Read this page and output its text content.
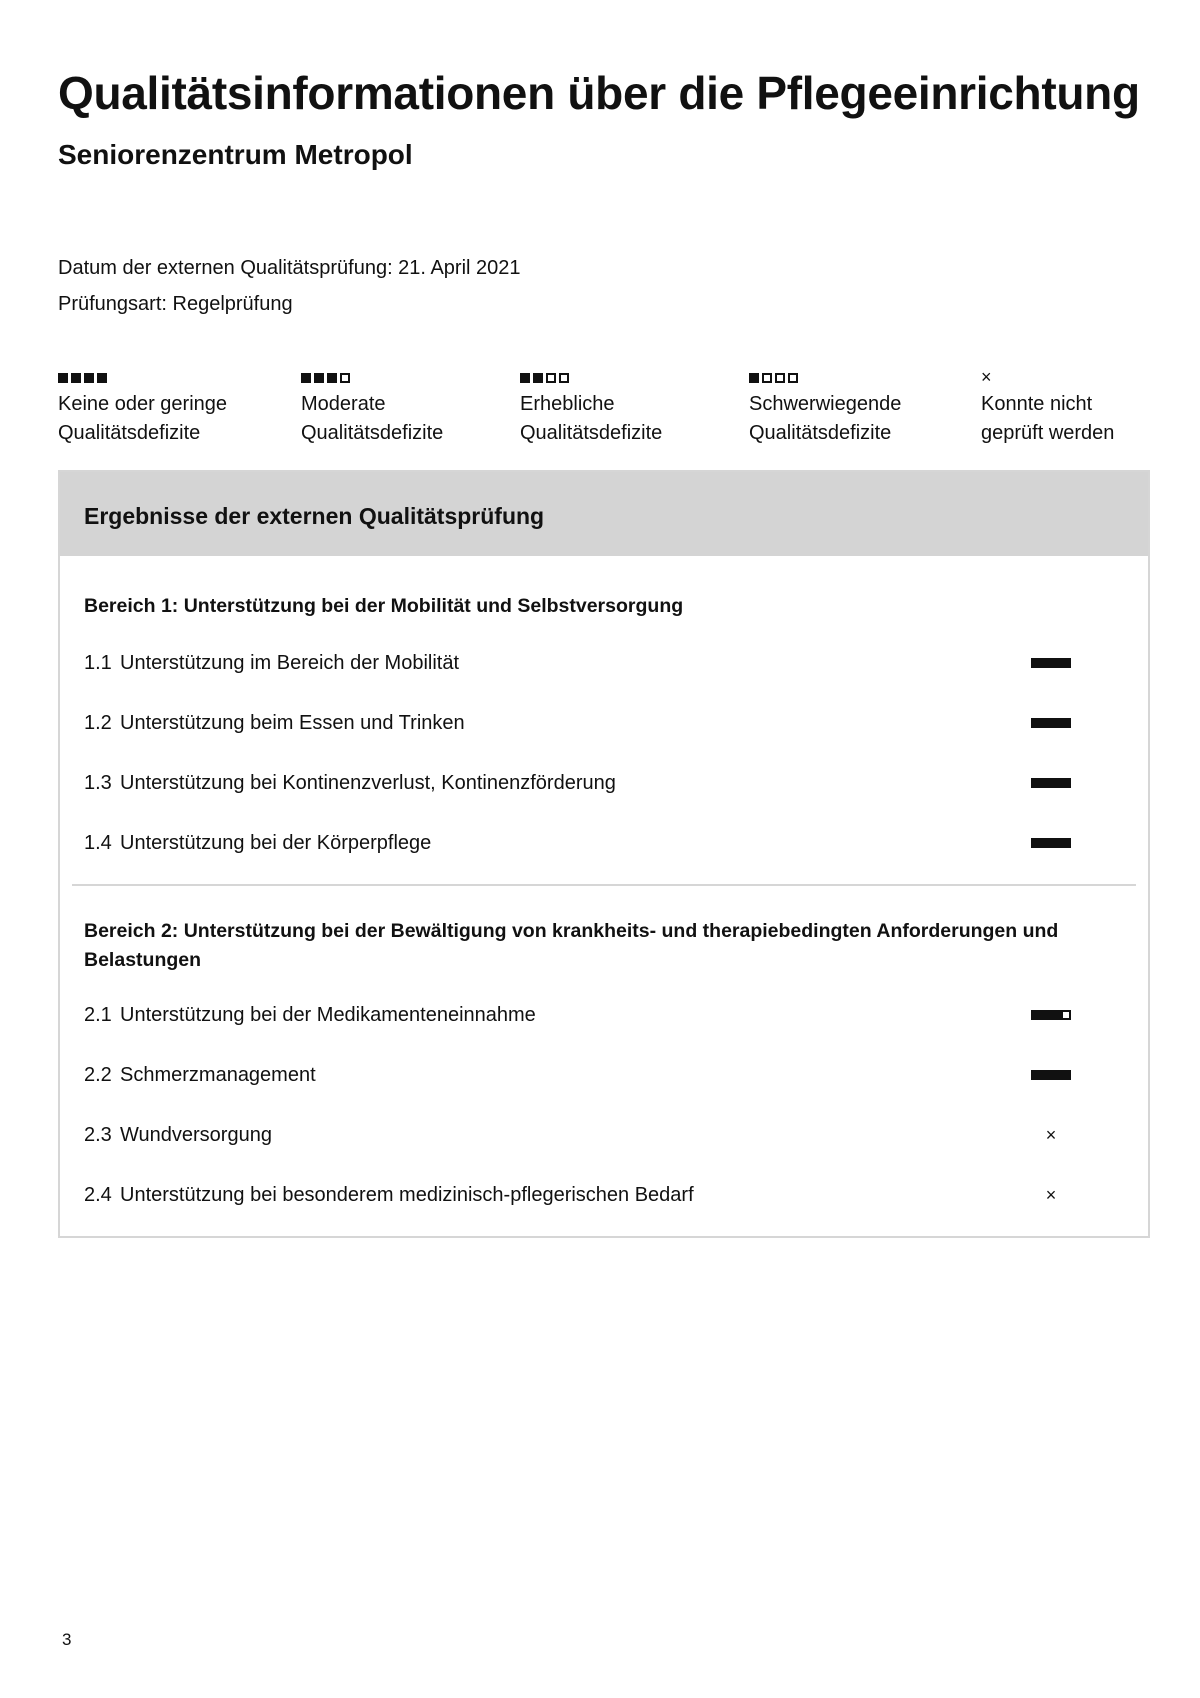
Qualitätsinformationen über die Pflegeeinrichtung
Seniorenzentrum Metropol
Datum der externen Qualitätsprüfung: 21. April 2021
Prüfungsart: Regelprüfung
Keine oder geringe
Qualitätsdefizite
Moderate
Qualitätsdefizite
Erhebliche
Qualitätsdefizite
Schwerwiegende
Qualitätsdefizite
×
Konnte nicht
geprüft werden
Ergebnisse der externen Qualitätsprüfung
Bereich 1: Unterstützung bei der Mobilität und Selbstversorgung
1.1 Unterstützung im Bereich der Mobilität
1.2 Unterstützung beim Essen und Trinken
1.3 Unterstützung bei Kontinenzverlust, Kontinenzförderung
1.4 Unterstützung bei der Körperpflege
Bereich 2: Unterstützung bei der Bewältigung von krankheits- und therapiebedingten Anforderungen und Belastungen
2.1 Unterstützung bei der Medikamenteneinnahme
2.2 Schmerzmanagement
2.3 Wundversorgung	×
2.4 Unterstützung bei besonderem medizinisch-pflegerischen Bedarf	×
3
